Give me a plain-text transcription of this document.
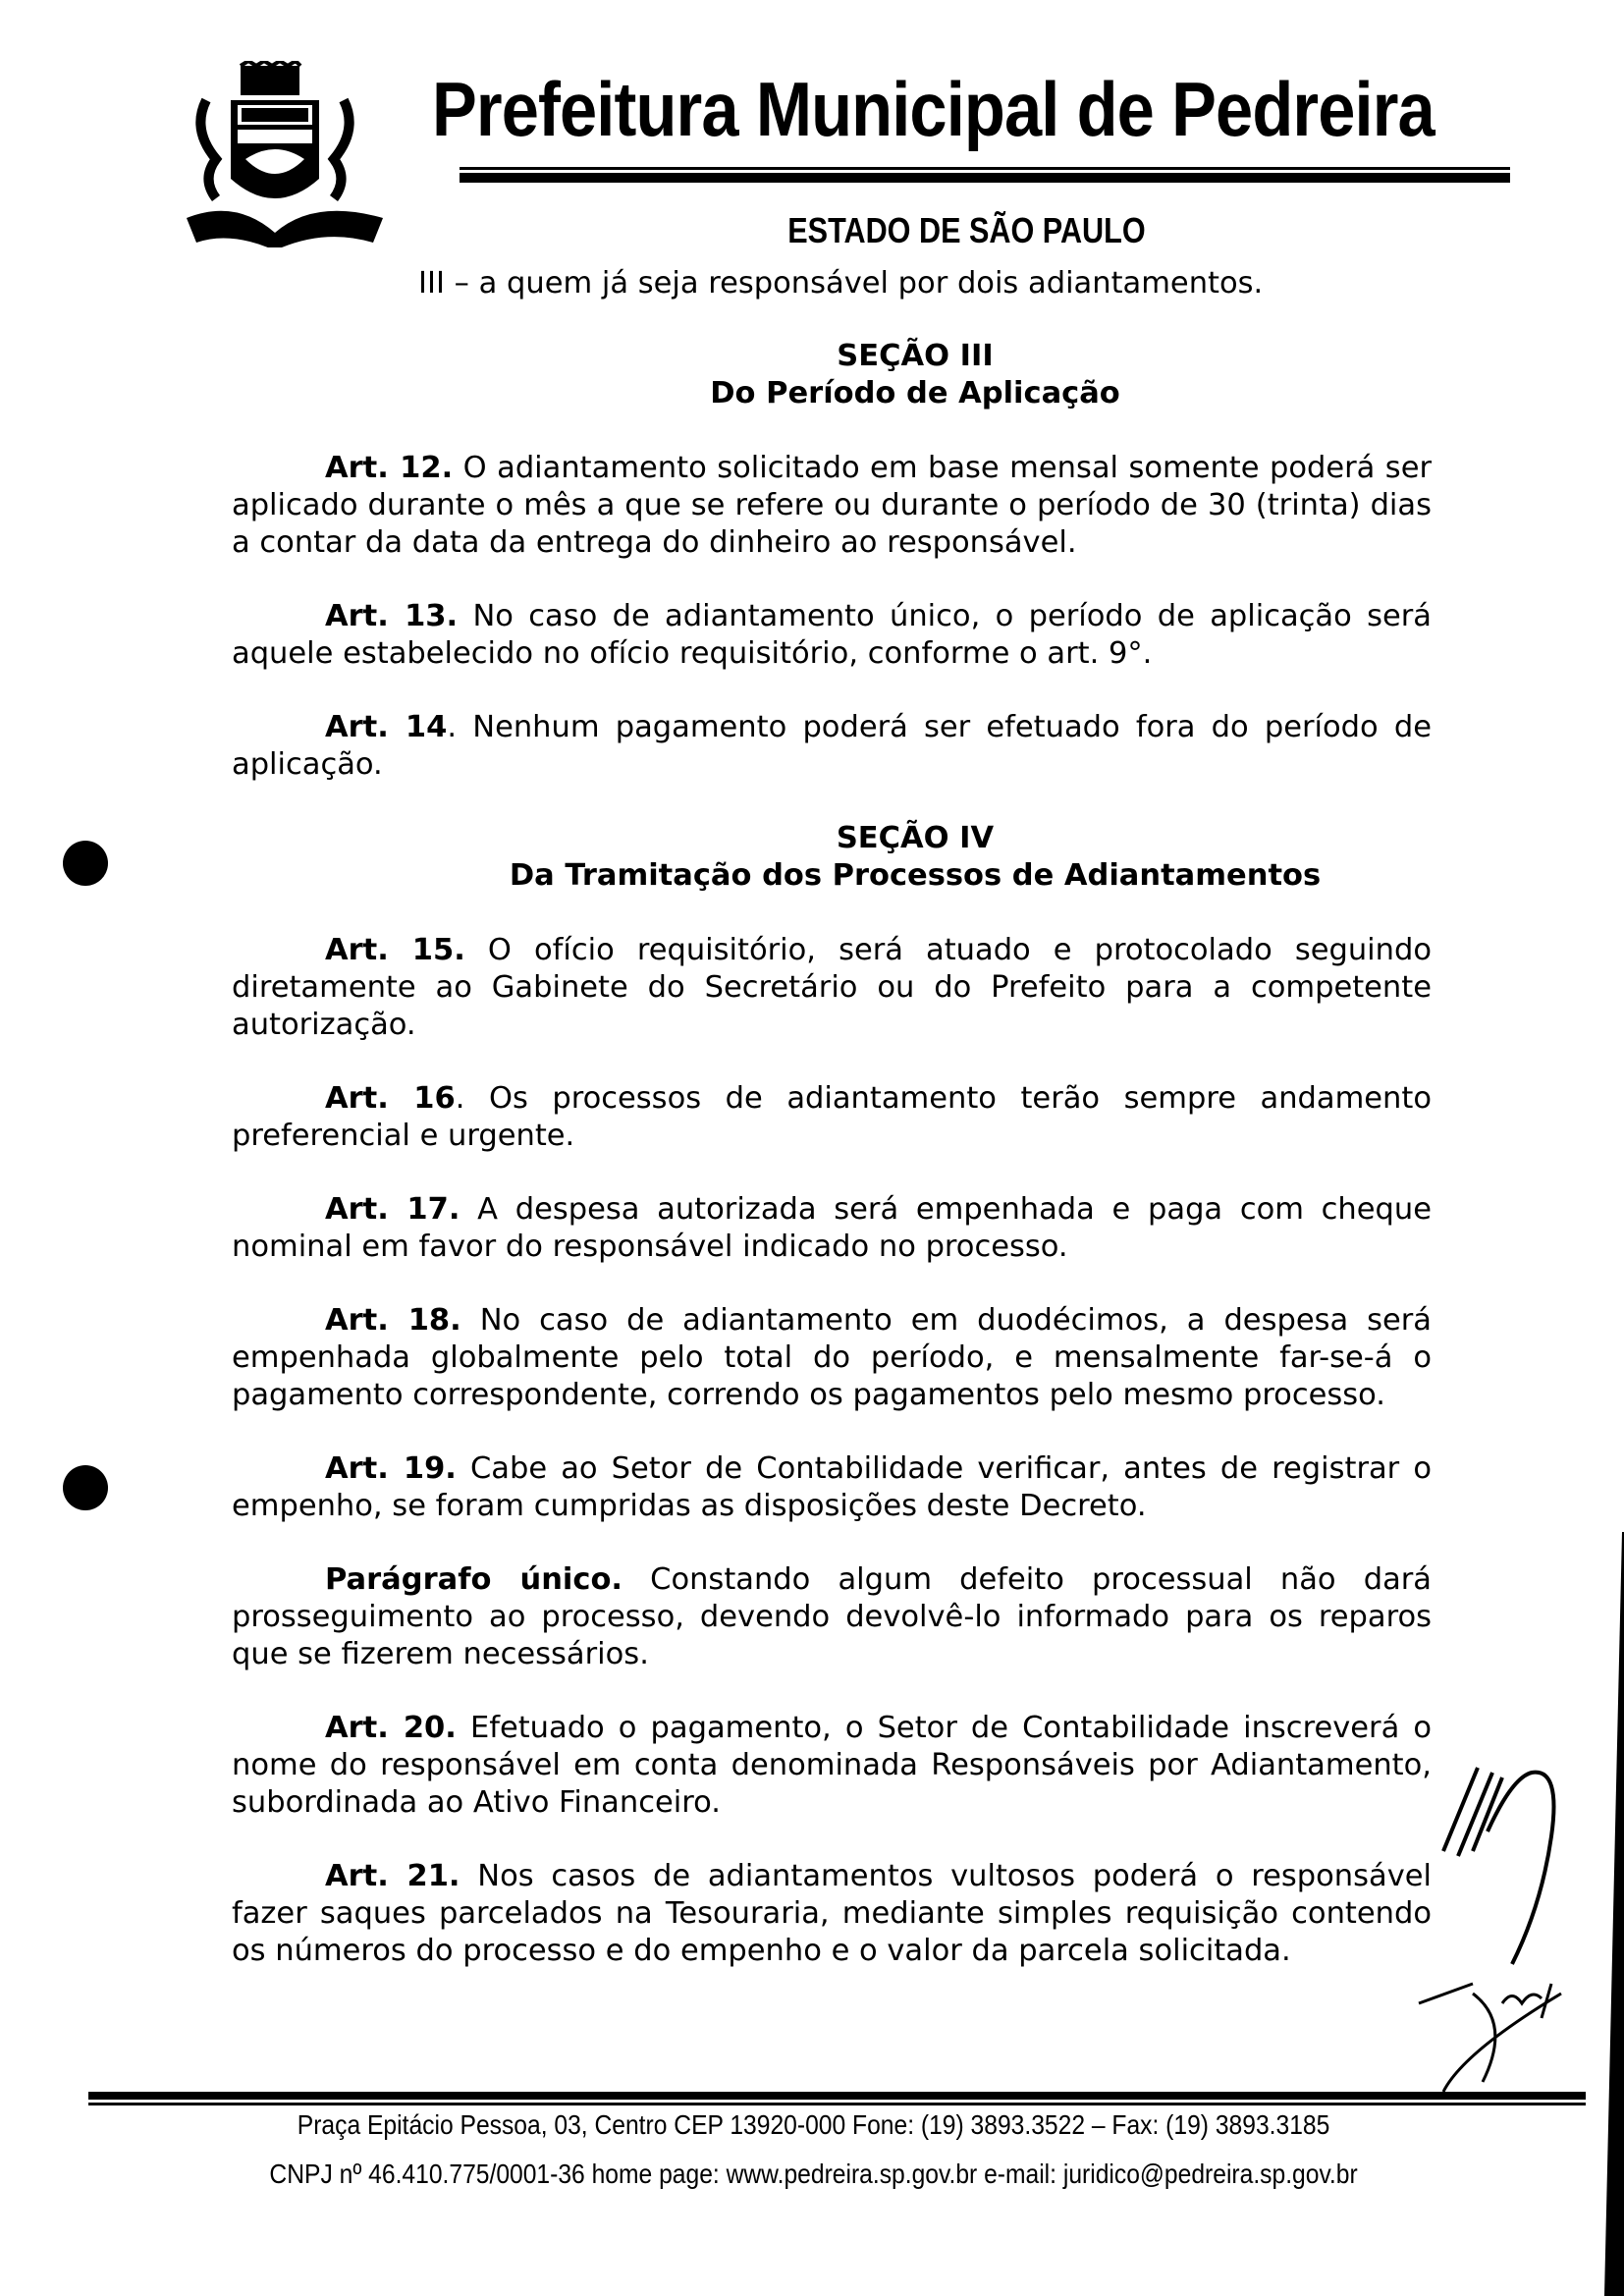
Prefeitura Municipal de Pedreira
ESTADO DE SÃO PAULO
III – a quem já seja responsável por dois adiantamentos.
SEÇÃO III
Do Período de Aplicação

Art. 12. O adiantamento solicitado em base mensal somente poderá ser aplicado durante o mês a que se refere ou durante o período de 30 (trinta) dias a contar da data da entrega do dinheiro ao responsável.

Art. 13. No caso de adiantamento único, o período de aplicação será aquele estabelecido no ofício requisitório, conforme o art. 9°.

Art. 14. Nenhum pagamento poderá ser efetuado fora do período de aplicação.

SEÇÃO IV
Da Tramitação dos Processos de Adiantamentos

Art. 15. O ofício requisitório, será atuado e protocolado seguindo diretamente ao Gabinete do Secretário ou do Prefeito para a competente autorização.

Art. 16. Os processos de adiantamento terão sempre andamento preferencial e urgente.

Art. 17. A despesa autorizada será empenhada e paga com cheque nominal em favor do responsável indicado no processo.

Art. 18. No caso de adiantamento em duodécimos, a despesa será empenhada globalmente pelo total do período, e mensalmente far-se-á o pagamento correspondente, correndo os pagamentos pelo mesmo processo.

Art. 19. Cabe ao Setor de Contabilidade verificar, antes de registrar o empenho, se foram cumpridas as disposições deste Decreto.

Parágrafo único. Constando algum defeito processual não dará prosseguimento ao processo, devendo devolvê-lo informado para os reparos que se fizerem necessários.

Art. 20. Efetuado o pagamento, o Setor de Contabilidade inscreverá o nome do responsável em conta denominada Responsáveis por Adiantamento, subordinada ao Ativo Financeiro.

Art. 21. Nos casos de adiantamentos vultosos poderá o responsável fazer saques parcelados na Tesouraria, mediante simples requisição contendo os números do processo e do empenho e o valor da parcela solicitada.

Praça Epitácio Pessoa, 03, Centro CEP 13920-000 Fone: (19) 3893.3522 – Fax: (19) 3893.3185
CNPJ nº 46.410.775/0001-36 home page: www.pedreira.sp.gov.br e-mail: juridico@pedreira.sp.gov.br
